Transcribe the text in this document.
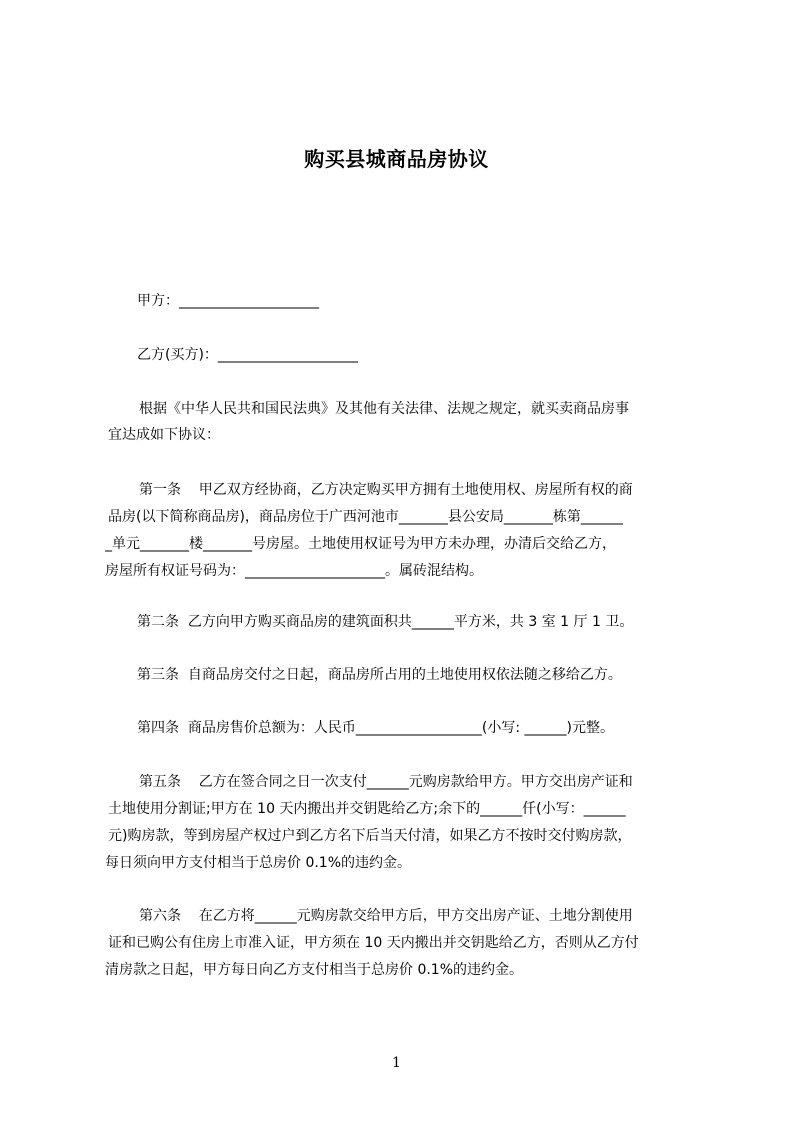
购买县城商品房协议
甲方：____________________
乙方(买方)：____________________
根据《中华人民共和国民法典》及其他有关法律、法规之规定，就买卖商品房事
宜达成如下协议：
第一条    甲乙双方经协商，乙方决定购买甲方拥有土地使用权、房屋所有权的商
品房(以下简称商品房)，商品房位于广西河池市_______县公安局_______栋第______
_单元_______楼_______号房屋。土地使用权证号为甲方未办理，办清后交给乙方，
房屋所有权证号码为：____________________。属砖混结构。
第二条  乙方向甲方购买商品房的建筑面积共______平方米，共 3 室 1 厅 1 卫。
第三条  自商品房交付之日起，商品房所占用的土地使用权依法随之移给乙方。
第四条  商品房售价总额为：人民币__________________(小写: ______)元整。
第五条    乙方在签合同之日一次支付______元购房款给甲方。甲方交出房产证和
土地使用分割证;甲方在 10 天内搬出并交钥匙给乙方;余下的______仟(小写：______
元)购房款，等到房屋产权过户到乙方名下后当天付清，如果乙方不按时交付购房款，
每日须向甲方支付相当于总房价 0.1%的违约金。
第六条    在乙方将______元购房款交给甲方后，甲方交出房产证、土地分割使用
证和已购公有住房上市准入证，甲方须在 10 天内搬出并交钥匙给乙方，否则从乙方付
清房款之日起，甲方每日向乙方支付相当于总房价 0.1%的违约金。
1
